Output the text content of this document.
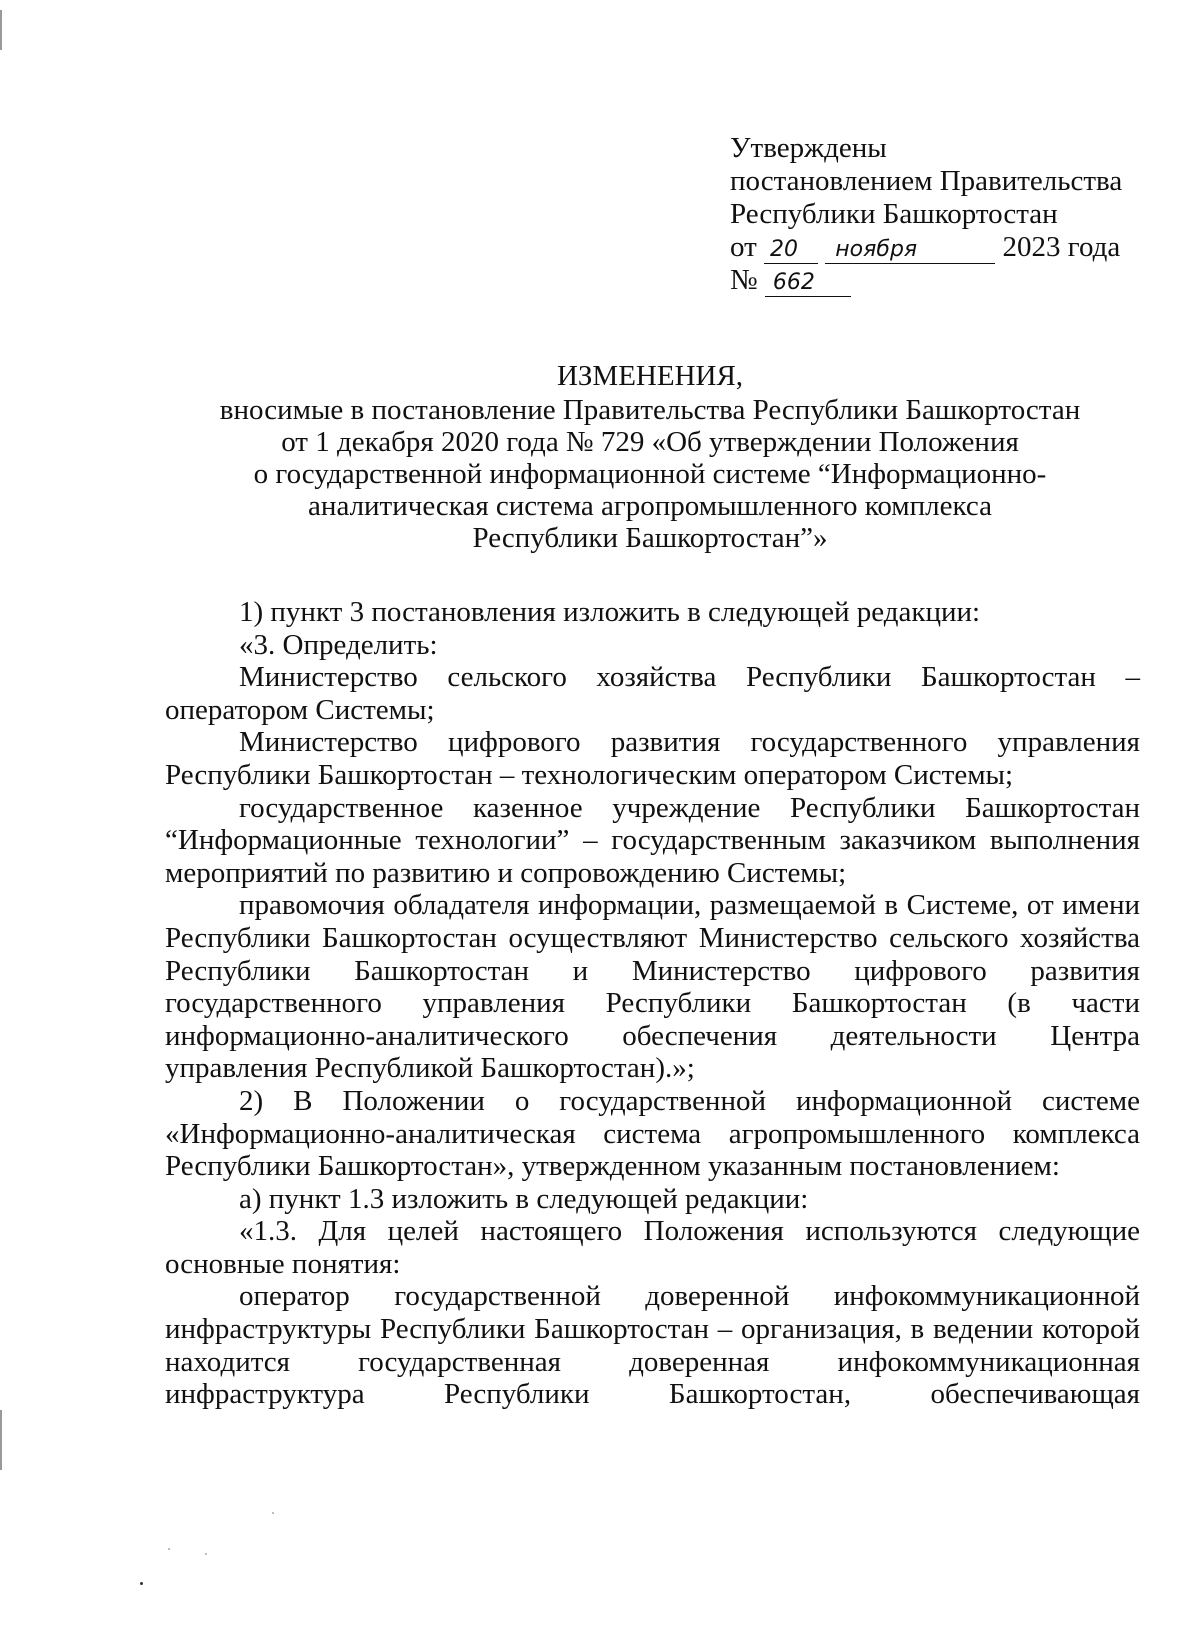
Утверждены
постановлением Правительства
Республики Башкортостан
от 20 ноября	2023 года
№ 662
ИЗМЕНЕНИЯ,
вносимые в постановление Правительства Республики Башкортостан
от 1 декабря 2020 года № 729 «Об утверждении Положения
о государственной информационной системе “Информационно-
аналитическая система агропромышленного комплекса
Республики Башкортостан”»

1) пункт 3 постановления изложить в следующей редакции:

«3. Определить:

Министерство сельского хозяйства Республики Башкортостан – оператором Системы;

Министерство цифрового развития государственного управления Республики Башкортостан – технологическим оператором Системы;

государственное казенное учреждение Республики Башкортостан “Информационные технологии” – государственным заказчиком выполнения мероприятий по развитию и сопровождению Системы;

правомочия обладателя информации, размещаемой в Системе, от имени Республики Башкортостан осуществляют Министерство сельского хозяйства Республики Башкортостан и Министерство цифрового развития государственного управления Республики Башкортостан (в части информационно-аналитического обеспечения деятельности Центра управления Республикой Башкортостан).»;

2) В Положении о государственной информационной системе «Информационно-аналитическая система агропромышленного комплекса Республики Башкортостан», утвержденном указанным постановлением:

а) пункт 1.3 изложить в следующей редакции:

«1.3. Для целей настоящего Положения используются следующие основные понятия:

оператор государственной доверенной инфокоммуникационной инфраструктуры Республики Башкортостан – организация, в ведении которой находится государственная доверенная инфокоммуникационная инфраструктура Республики Башкортостан, обеспечивающая
